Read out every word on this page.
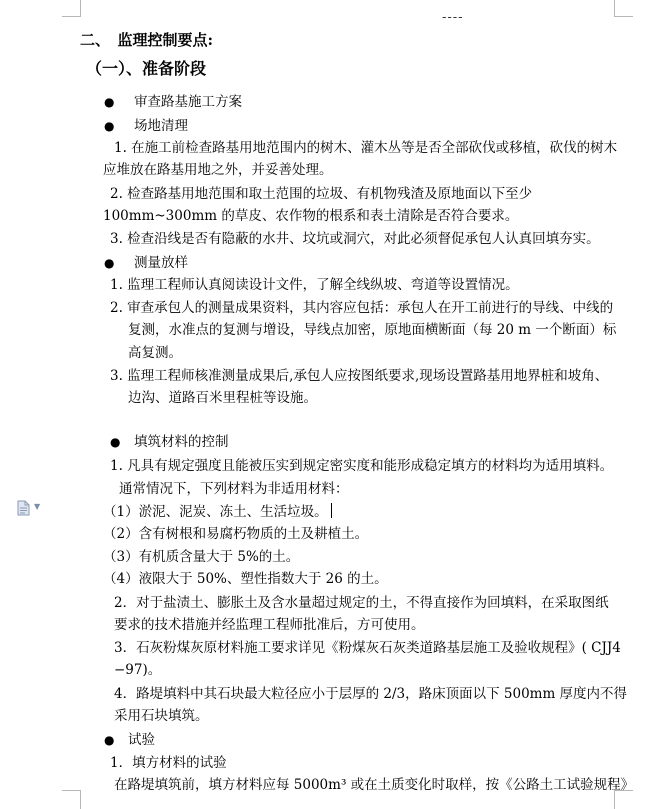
----
二、　监理控制要点:
（一）、准备阶段
● 审查路基施工方案
● 场地清理
1. 在施工前检查路基用地范围内的树木、灌木丛等是否全部砍伐或移植，砍伐的树木
应堆放在路基用地之外，并妥善处理。
2. 检查路基用地范围和取土范围的垃圾、有机物残渣及原地面以下至少
100mm~300mm 的草皮、农作物的根系和表土清除是否符合要求。
3. 检查沿线是否有隐蔽的水井、坟坑或洞穴，对此必须督促承包人认真回填夯实。
● 测量放样
1. 监理工程师认真阅读设计文件，了解全线纵坡、弯道等设置情况。
2. 审查承包人的测量成果资料，其内容应包括：承包人在开工前进行的导线、中线的
复测，水准点的复测与增设，导线点加密，原地面横断面（每 20 m 一个断面）标
高复测。
3. 监理工程师核准测量成果后,承包人应按图纸要求,现场设置路基用地界桩和坡角、
边沟、道路百米里程桩等设施。
● 填筑材料的控制
1. 凡具有规定强度且能被压实到规定密实度和能形成稳定填方的材料均为适用填料。
通常情况下，下列材料为非适用材料：
（1）淤泥、泥炭、冻土、生活垃圾。
（2）含有树根和易腐朽物质的土及耕植土。
（3）有机质含量大于 5%的土。
（4）液限大于 50%、塑性指数大于 26 的土。
2．对于盐渍土、膨胀土及含水量超过规定的土，不得直接作为回填料，在采取图纸
要求的技术措施并经监理工程师批准后，方可使用。
3．石灰粉煤灰原材料施工要求详见《粉煤灰石灰类道路基层施工及验收规程》( CJJ4
−97)。
4．路堤填料中其石块最大粒径应小于层厚的 2/3，路床顶面以下 500mm 厚度内不得
采用石块填筑。
● 试验
1．填方材料的试验
在路堤填筑前，填方材料应每 5000m³ 或在土质变化时取样，按《公路土工试验规程》
▼
